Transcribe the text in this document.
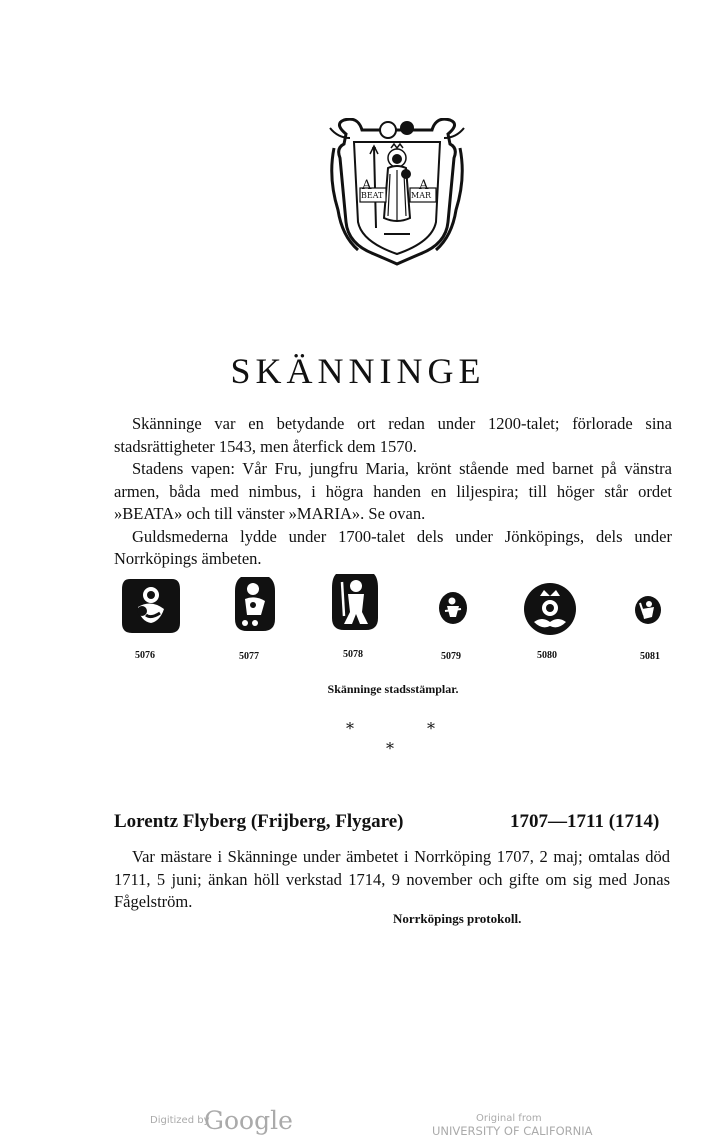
A	A
BEAT	MAR
SKÄNNINGE

Skänninge var en betydande ort redan under 1200-talet; förlorade sina stadsrättigheter 1543, men återfick dem 1570.

Stadens vapen: Vår Fru, jungfru Maria, krönt stående med barnet på vänstra armen, båda med nimbus, i högra handen en liljespira; till höger står ordet »BEATA» och till vänster »MARIA». Se ovan.

Guldsmederna lydde under 1700-talet dels under Jönköpings, dels under Norrköpings ämbeten.

5076	5077	5078	5079	5080	5081
Skänninge stadsstämplar.
*	*
*
Lorentz Flyberg (Frijberg, Flygare)	1707—1711 (1714)

Var mästare i Skänninge under ämbetet i Norrköping 1707, 2 maj; omtalas död 1711, 5 juni; änkan höll verkstad 1714, 9 november och gifte om sig med Jonas Fågelström.

Norrköpings protokoll.
Digitized by
Google	Original from
UNIVERSITY OF CALIFORNIA
